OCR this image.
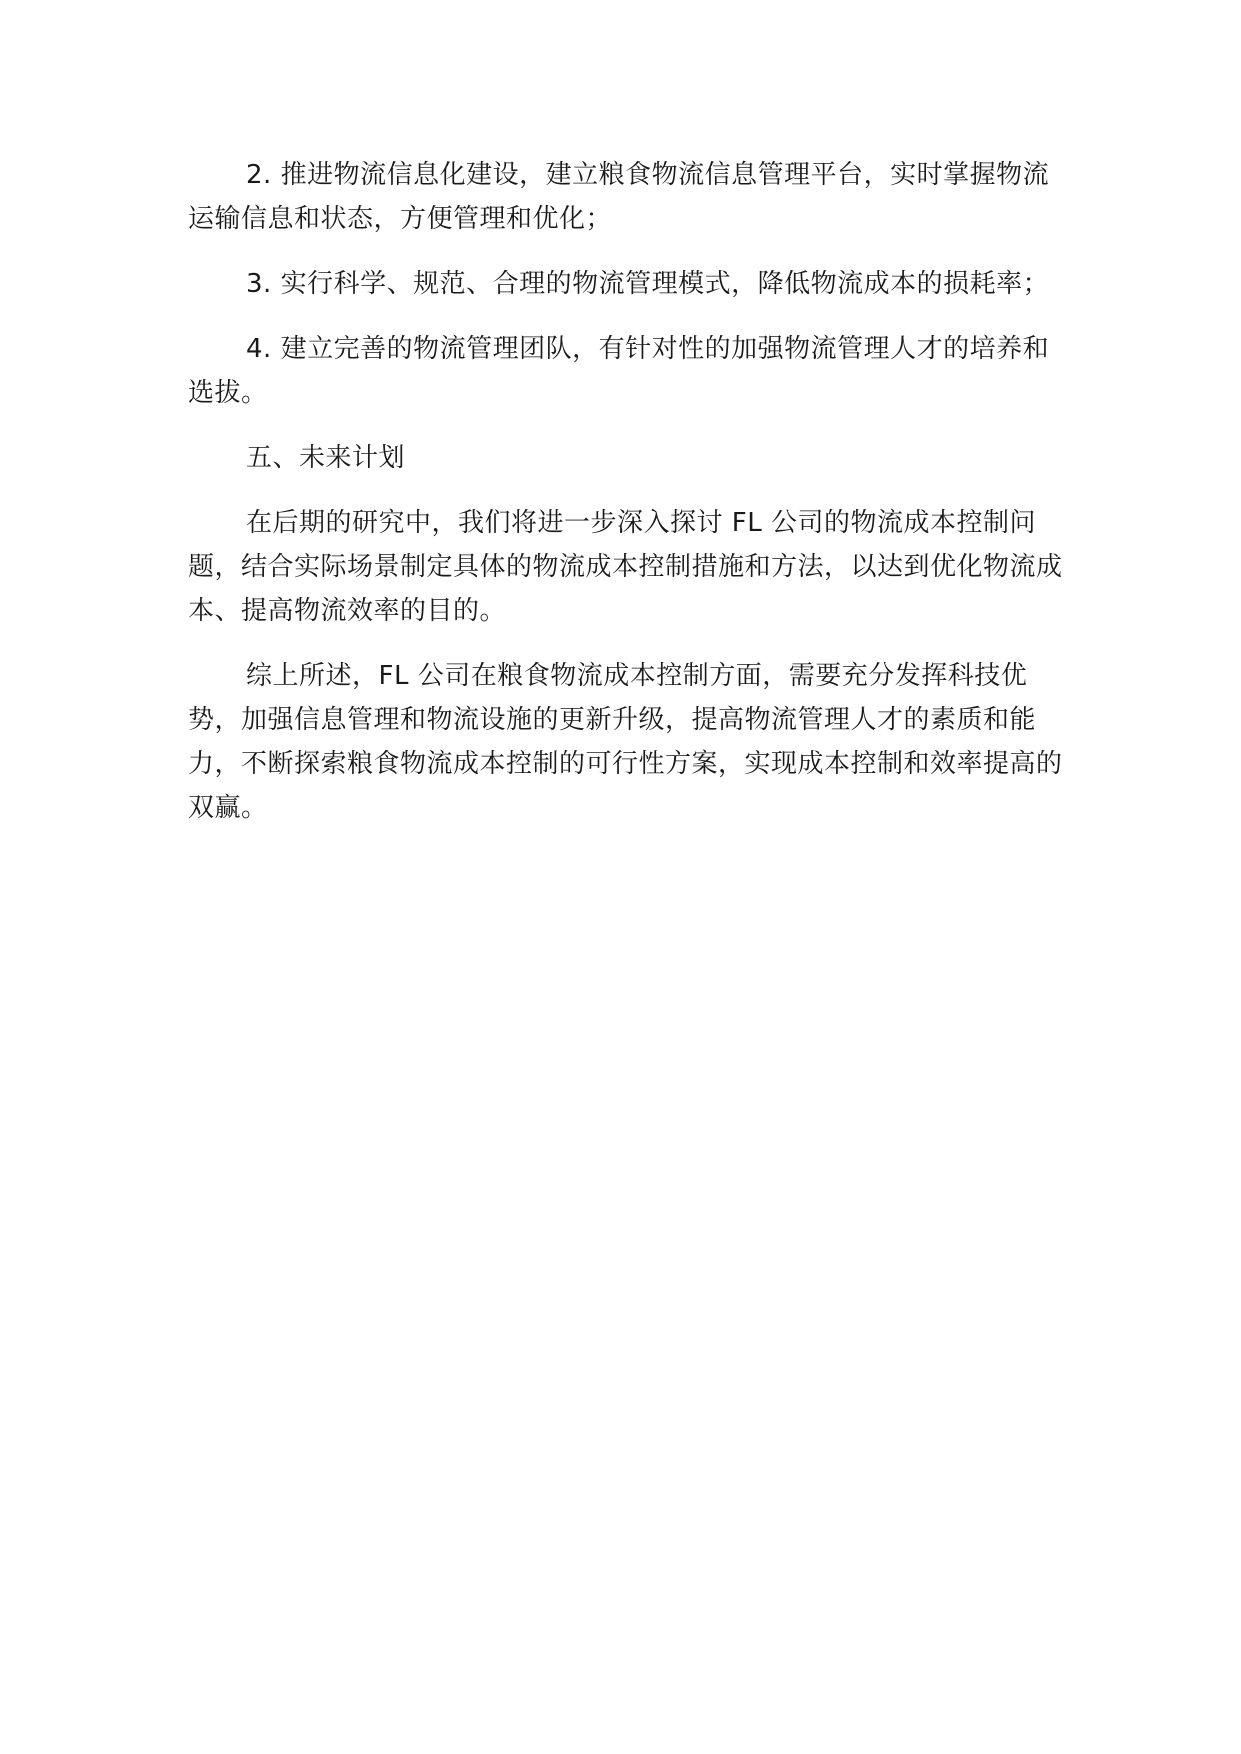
2. 推进物流信息化建设，建立粮食物流信息管理平台，实时掌握物流运输信息和状态，方便管理和优化；

3. 实行科学、规范、合理的物流管理模式，降低物流成本的损耗率；

4. 建立完善的物流管理团队，有针对性的加强物流管理人才的培养和选拔。

五、未来计划

在后期的研究中，我们将进一步深入探讨 FL 公司的物流成本控制问题，结合实际场景制定具体的物流成本控制措施和方法，以达到优化物流成本、提高物流效率的目的。

综上所述，FL 公司在粮食物流成本控制方面，需要充分发挥科技优势，加强信息管理和物流设施的更新升级，提高物流管理人才的素质和能力，不断探索粮食物流成本控制的可行性方案，实现成本控制和效率提高的双赢。
